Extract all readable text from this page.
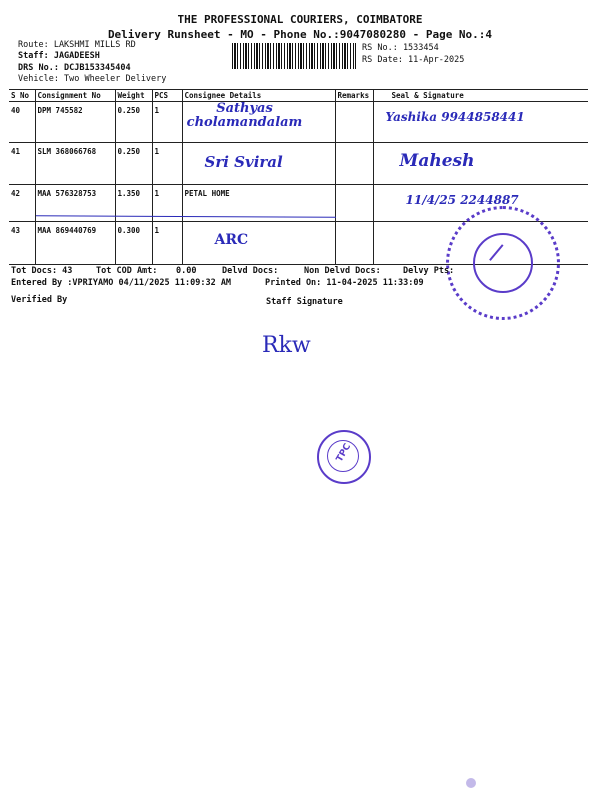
THE PROFESSIONAL COURIERS, COIMBATORE
Delivery Runsheet - MO - Phone No.:9047080280 - Page No.:4
Route: LAKSHMI MILLS RD
Staff: JAGADEESH
DRS No.: DCJB153345404
Vehicle: Two Wheeler Delivery
RS No.: 1533454
RS Date: 11-Apr-2025
S No	Consignment No	Weight	PCS	Consignee Details	Remarks	Seal & Signature
40	DPM 745582	0.250	1	Sathyas cholamandalam		Yashika 9944858441

41	SLM 368066768	0.250	1	Sri Sviral		Mahesh

42	MAA 576328753	1.350	1	PETAL HOME		11/4/25 2244887

43	MAA 869440769	0.300	1	ARC		

Tot Docs: 43	Tot COD Amt: 0.00	Delvd Docs:	Non Delvd Docs:	Delvy Pts:
Entered By :VPRIYAMO 04/11/2025 11:09:32 AM	Printed On: 11-04-2025 11:33:09
Verified By	Staff Signature
Rkw
TPC
